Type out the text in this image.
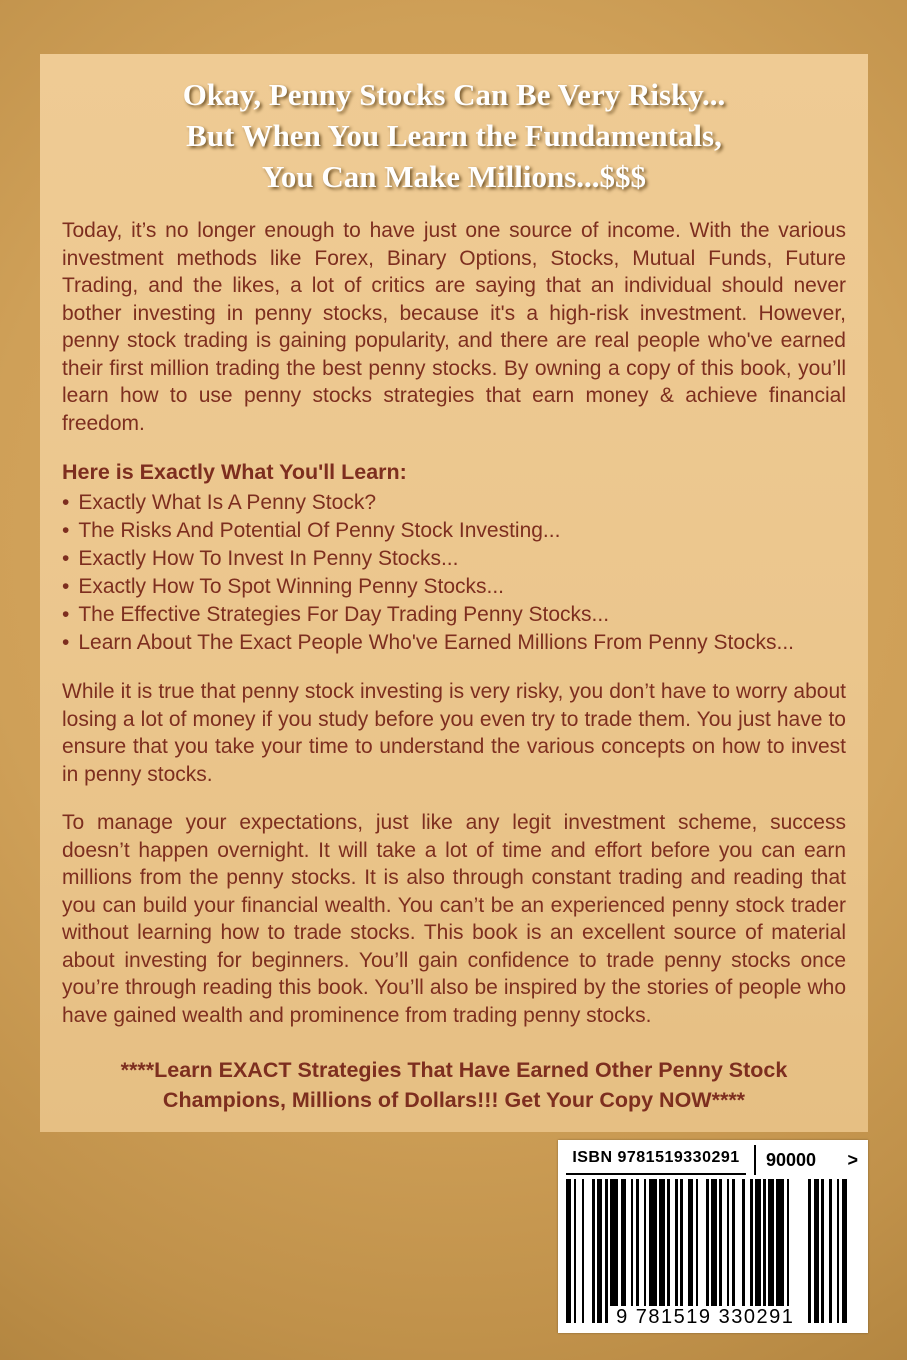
Okay, Penny Stocks Can Be Very Risky...
But When You Learn the Fundamentals,
You Can Make Millions...$$$

Today, it’s no longer enough to have just one source of income. With the various investment methods like Forex, Binary Options, Stocks, Mutual Funds, Future Trading, and the likes, a lot of critics are saying that an individual should never bother investing in penny stocks, because it's a high-risk investment. However, penny stock trading is gaining popularity, and there are real people who've earned their first million trading the best penny stocks. By owning a copy of this book, you’ll learn how to use penny stocks strategies that earn money & achieve financial freedom.

Here is Exactly What You'll Learn:

• Exactly What Is A Penny Stock?
• The Risks And Potential Of Penny Stock Investing...
• Exactly How To Invest In Penny Stocks...
• Exactly How To Spot Winning Penny Stocks...
• The Effective Strategies For Day Trading Penny Stocks...
• Learn About The Exact People Who've Earned Millions From Penny Stocks...

While it is true that penny stock investing is very risky, you don’t have to worry about losing a lot of money if you study before you even try to trade them. You just have to ensure that you take your time to understand the various concepts on how to invest in penny stocks.

To manage your expectations, just like any legit investment scheme, success doesn’t happen overnight. It will take a lot of time and effort before you can earn millions from the penny stocks. It is also through constant trading and reading that you can build your financial wealth. You can’t be an experienced penny stock trader without learning how to trade stocks. This book is an excellent source of material about investing for beginners. You’ll gain confidence to trade penny stocks once you’re through reading this book. You’ll also be inspired by the stories of people who have gained wealth and prominence from trading penny stocks.

****Learn EXACT Strategies That Have Earned Other Penny Stock Champions, Millions of Dollars!!! Get Your Copy NOW****

ISBN 9781519330291	90000 >
9 781519 330291
